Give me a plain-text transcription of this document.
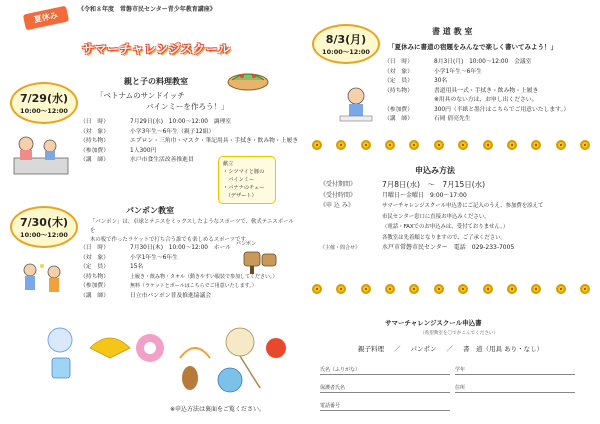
《令和８年度　常磐市民センター青少年教育講座》
夏休み
サマーチャレンジスクール
7/29(水)
10:00～12:00
親と子の料理教室
「ベトナムのサンドイッチ
バインミーを作ろう！」
（日　時）	7月29日(水)　10:00～12:00　調理室
（対　象）	小学3年生～6年生（親子12組）
（持ち物）	エプロン・三角巾・マスク・筆記用具・手拭き・飲み物・上履き
（参加費）	1人300円
（講　師）	水戸市食生活改善推進員
献立
・シツマイと豚の
　バインミー
・バナナのチェー
　（デザート）
7/30(木)
10:00～12:00
パンポン教室
「パンポン」は、卓球とテニスをミックスしたようなスポーツで、軟式テニスボールを
木の板で作ったラケットで打ち合う誰でも楽しめるスポーツです。
パンポン
（日　時）	7月30日(木)　10:00～12:00　ホール
（対　象）	小学1年生～6年生
（定　員）	15名
（持ち物）	上履き・飲み物・タオル（動きやすい服装で参加してください。）
（参加費）	無料（ラケットとボールはこちらでご用意いたします。）
（講　師）	日立市パンポン普及推進協議会
※申込方法は裏面をご覧ください。
8/3(月)
10:00～12:00
書 道 教 室
「夏休みに書道の宿題をみんなで楽しく書いてみよう！」
（日　時）	8月3日(月)　10:00～12:00　会議室
（対　象）	小学1年生～6年生
（定　員）	30名
（持ち物）	書道用具一式・手拭き・飲み物・上履き
※用具のない方は、お申し出ください。
（参加費）	300円（半紙と墨汁はこちらでご用意いたします。）
（講　師）	石岡 倩亮先生
申込み方法
《受付期間》	7月8日(水)　～　7月15日(水)
《受付時間》	月曜日～金曜日　9:00～17:00
《申 込 み》	サマーチャレンジスクール申込書にご記入のうえ、参加費を添えて
市民センター窓口に直接お申込みください。
（電話・FAXでのお申込みは、受付ておりません。）
各教室は先着順となりますので、ご了承ください。
《主催・問合せ》	水戸市常磐市民センター　電話　029-233-7005
サマーチャレンジスクール申込書
（希望教室を〇でかこんでください）
親子料理 ／ パンポン ／ 書　道（用具 あり・なし）
氏名（ふりがな）	学年
保護者氏名	住所
電話番号
